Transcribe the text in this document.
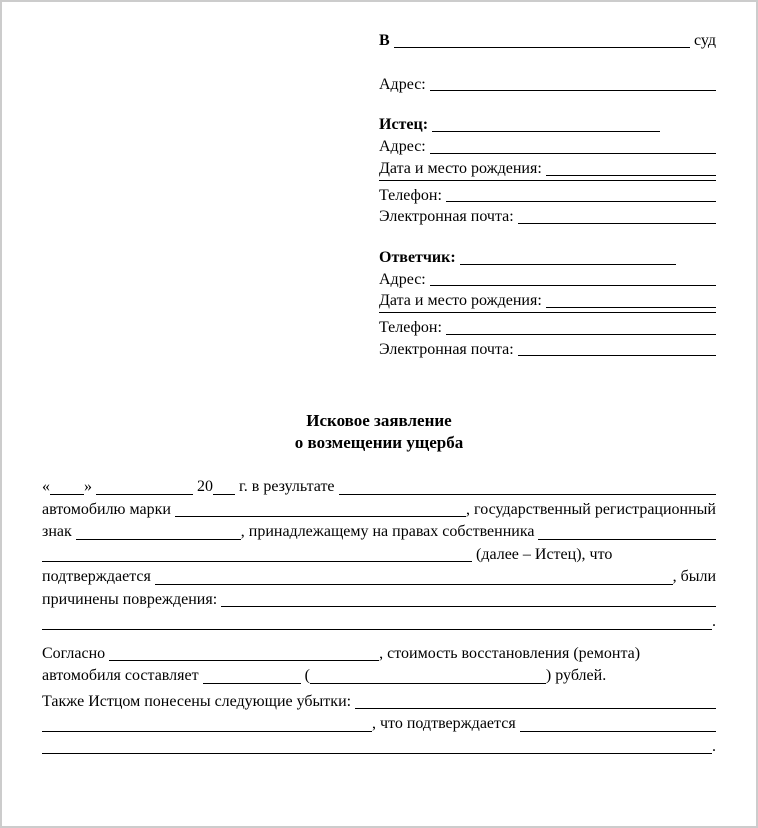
В	суд
Адрес:
Истец:
Адрес:
Дата и место рождения:
Телефон:
Электронная почта:
Ответчик:
Адрес:
Дата и место рождения:
Телефон:
Электронная почта:
Исковое заявление
о возмещении ущерба
« »	20 г. в результате
автомобилю марки	, государственный регистрационный
знак	, принадлежащему на правах собственника
(далее – Истец), что
подтверждается	, были
причинены повреждения:
.
Согласно	, стоимость восстановления (ремонта)
автомобиля составляет	(	) рублей.
Также Истцом понесены следующие убытки:
, что подтверждается
.
